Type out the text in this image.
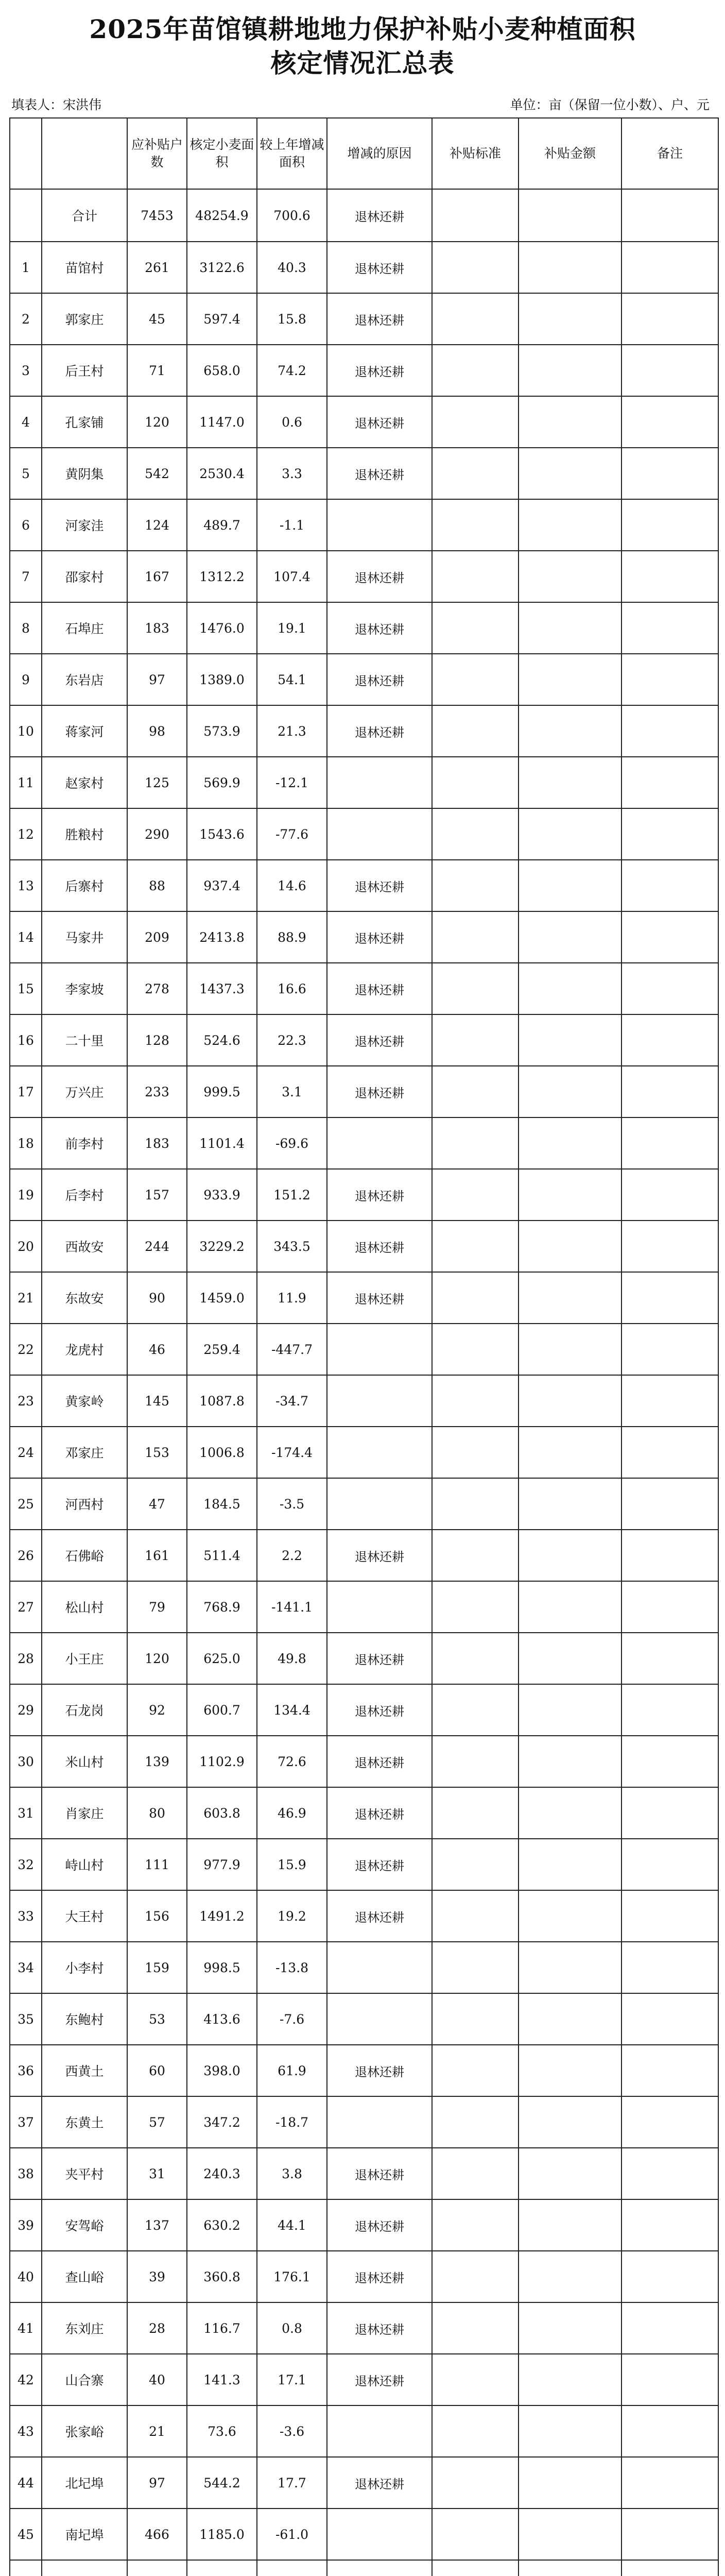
2025年苗馆镇耕地地力保护补贴小麦种植面积
核定情况汇总表
填表人：宋洪伟	单位：亩（保留一位小数）、户、元
		应补贴户数	核定小麦面积	较上年增减面积	增减的原因	补贴标准	补贴金额	备注
	合计	7453	48254.9	700.6	退林还耕			
1	苗馆村	261	3122.6	40.3	退林还耕			
2	郭家庄	45	597.4	15.8	退林还耕			
3	后王村	71	658.0	74.2	退林还耕			
4	孔家铺	120	1147.0	0.6	退林还耕			
5	黄阴集	542	2530.4	3.3	退林还耕			
6	河家洼	124	489.7	-1.1				
7	邵家村	167	1312.2	107.4	退林还耕			
8	石埠庄	183	1476.0	19.1	退林还耕			
9	东岩店	97	1389.0	54.1	退林还耕			
10	蒋家河	98	573.9	21.3	退林还耕			
11	赵家村	125	569.9	-12.1				
12	胜粮村	290	1543.6	-77.6				
13	后寨村	88	937.4	14.6	退林还耕			
14	马家井	209	2413.8	88.9	退林还耕			
15	李家坡	278	1437.3	16.6	退林还耕			
16	二十里	128	524.6	22.3	退林还耕			
17	万兴庄	233	999.5	3.1	退林还耕			
18	前李村	183	1101.4	-69.6				
19	后李村	157	933.9	151.2	退林还耕			
20	西故安	244	3229.2	343.5	退林还耕			
21	东故安	90	1459.0	11.9	退林还耕			
22	龙虎村	46	259.4	-447.7				
23	黄家岭	145	1087.8	-34.7				
24	邓家庄	153	1006.8	-174.4				
25	河西村	47	184.5	-3.5				
26	石佛峪	161	511.4	2.2	退林还耕			
27	松山村	79	768.9	-141.1				
28	小王庄	120	625.0	49.8	退林还耕			
29	石龙岗	92	600.7	134.4	退林还耕			
30	米山村	139	1102.9	72.6	退林还耕			
31	肖家庄	80	603.8	46.9	退林还耕			
32	峙山村	111	977.9	15.9	退林还耕			
33	大王村	156	1491.2	19.2	退林还耕			
34	小李村	159	998.5	-13.8				
35	东鲍村	53	413.6	-7.6				
36	西黄土	60	398.0	61.9	退林还耕			
37	东黄土	57	347.2	-18.7				
38	夹平村	31	240.3	3.8	退林还耕			
39	安驾峪	137	630.2	44.1	退林还耕			
40	查山峪	39	360.8	176.1	退林还耕			
41	东刘庄	28	116.7	0.8	退林还耕			
42	山合寨	40	141.3	17.1	退林还耕			
43	张家峪	21	73.6	-3.6				
44	北圮埠	97	544.2	17.7	退林还耕			
45	南圮埠	466	1185.0	-61.0				
